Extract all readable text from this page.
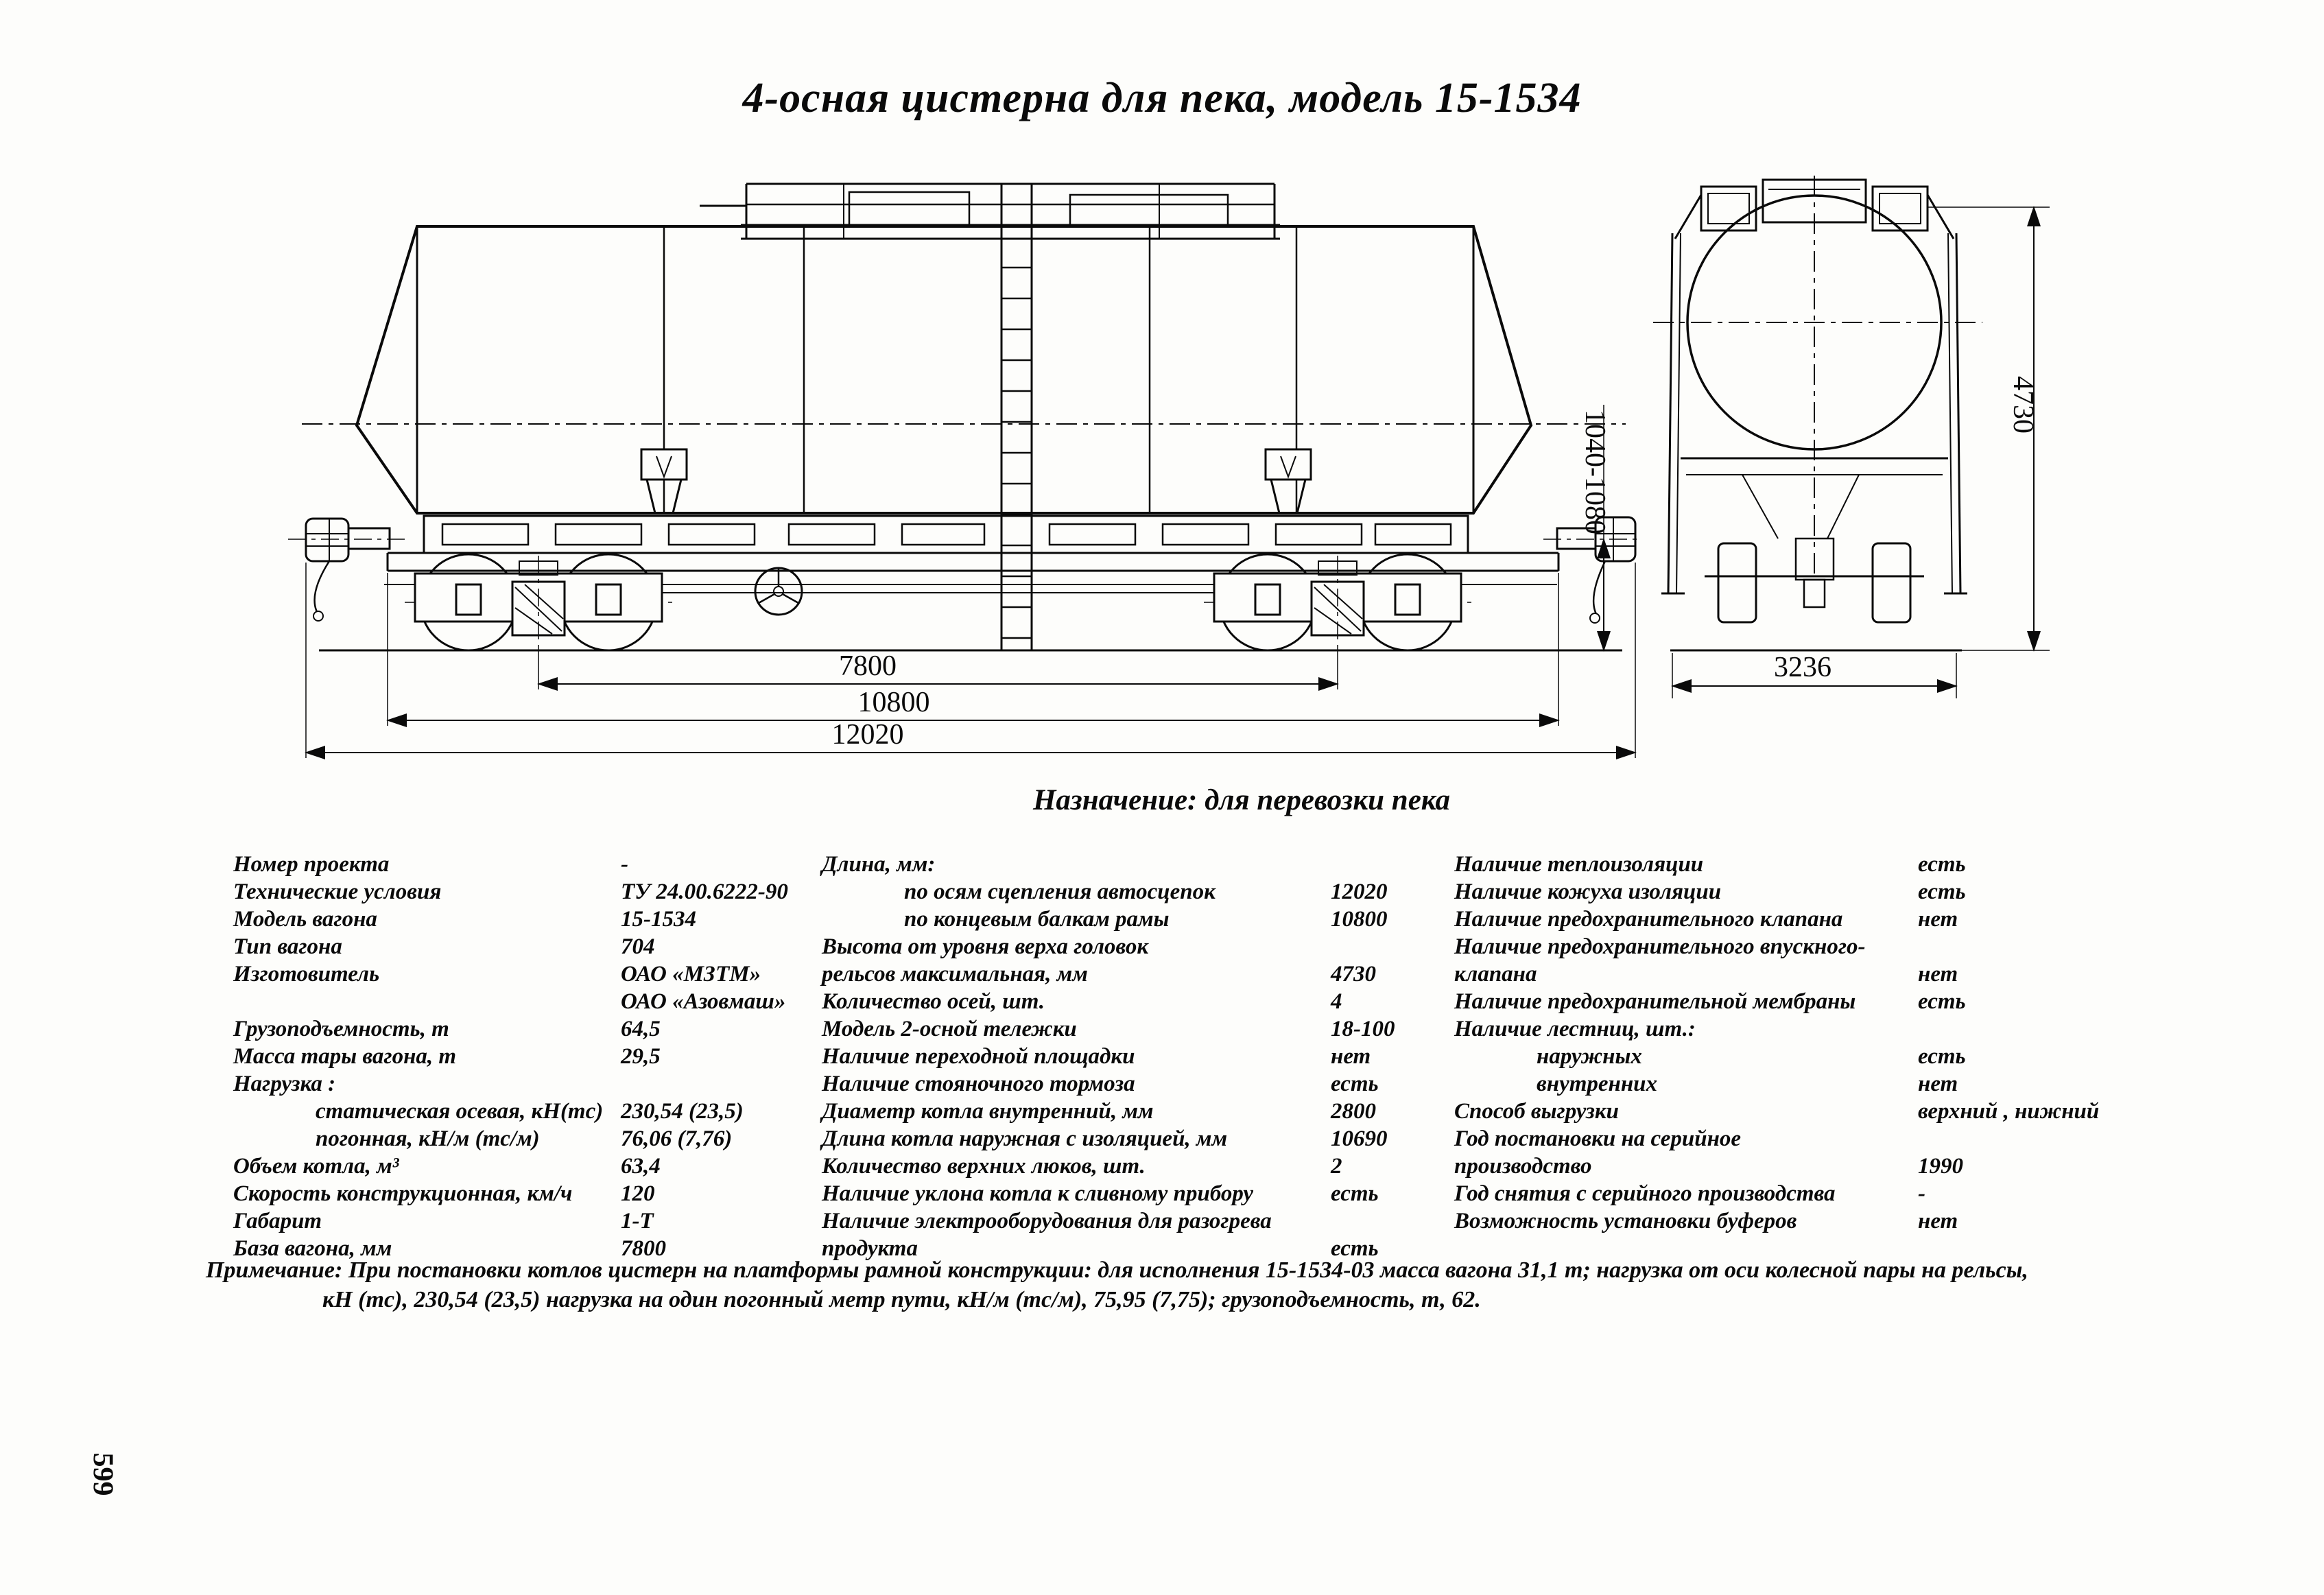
4-осная цистерна для пека, модель 15-1534
7800
10800
12020
1040-1080
4730
3236
Назначение: для перевозки пека
Номер проекта	-
Технические условия	ТУ 24.00.6222-90
Модель вагона	15-1534
Тип вагона	704
Изготовитель	ОАО «МЗТМ»
ОАО «Азовмаш»
Грузоподъемность, т	64,5
Масса тары вагона, т	29,5
Нагрузка :
статическая осевая, кН(тс) 230,54 (23,5)
погонная, кН/м (тс/м)	76,06 (7,76)
Объем котла, м³	63,4
Скорость конструкционная, км/ч 120
Габарит	1-Т
База вагона, мм	7800
Длина, мм:
по осям сцепления автосцепок	12020
по концевым балкам рамы	10800
Высота от уровня верха головок
рельсов максимальная, мм	4730
Количество осей, шт.	4
Модель 2-осной тележки	18-100
Наличие переходной площадки	нет
Наличие стояночного тормоза	есть
Диаметр котла внутренний, мм	2800
Длина котла наружная с изоляцией, мм	10690
Количество верхних люков, шт.	2
Наличие уклона котла к сливному прибору	есть
Наличие электрооборудования для разогрева
продукта	есть
Наличие теплоизоляции	есть
Наличие кожуха изоляции	есть
Наличие предохранительного клапана	нет
Наличие предохранительного впускного-
клапана	нет
Наличие предохранительной мембраны	есть
Наличие лестниц, шт.:
наружных	есть
внутренних	нет
Способ выгрузки	верхний , нижний
Год постановки на серийное
производство	1990
Год снятия с серийного производства	-
Возможность установки буферов	нет
Примечание: При постановки котлов цистерн на платформы рамной конструкции: для исполнения 15-1534-03 масса вагона 31,1 т; нагрузка от оси колесной пары на рельсы,
кН (тс), 230,54 (23,5) нагрузка на один погонный метр пути, кН/м (тс/м), 75,95 (7,75); грузоподъемность, т, 62.
599
